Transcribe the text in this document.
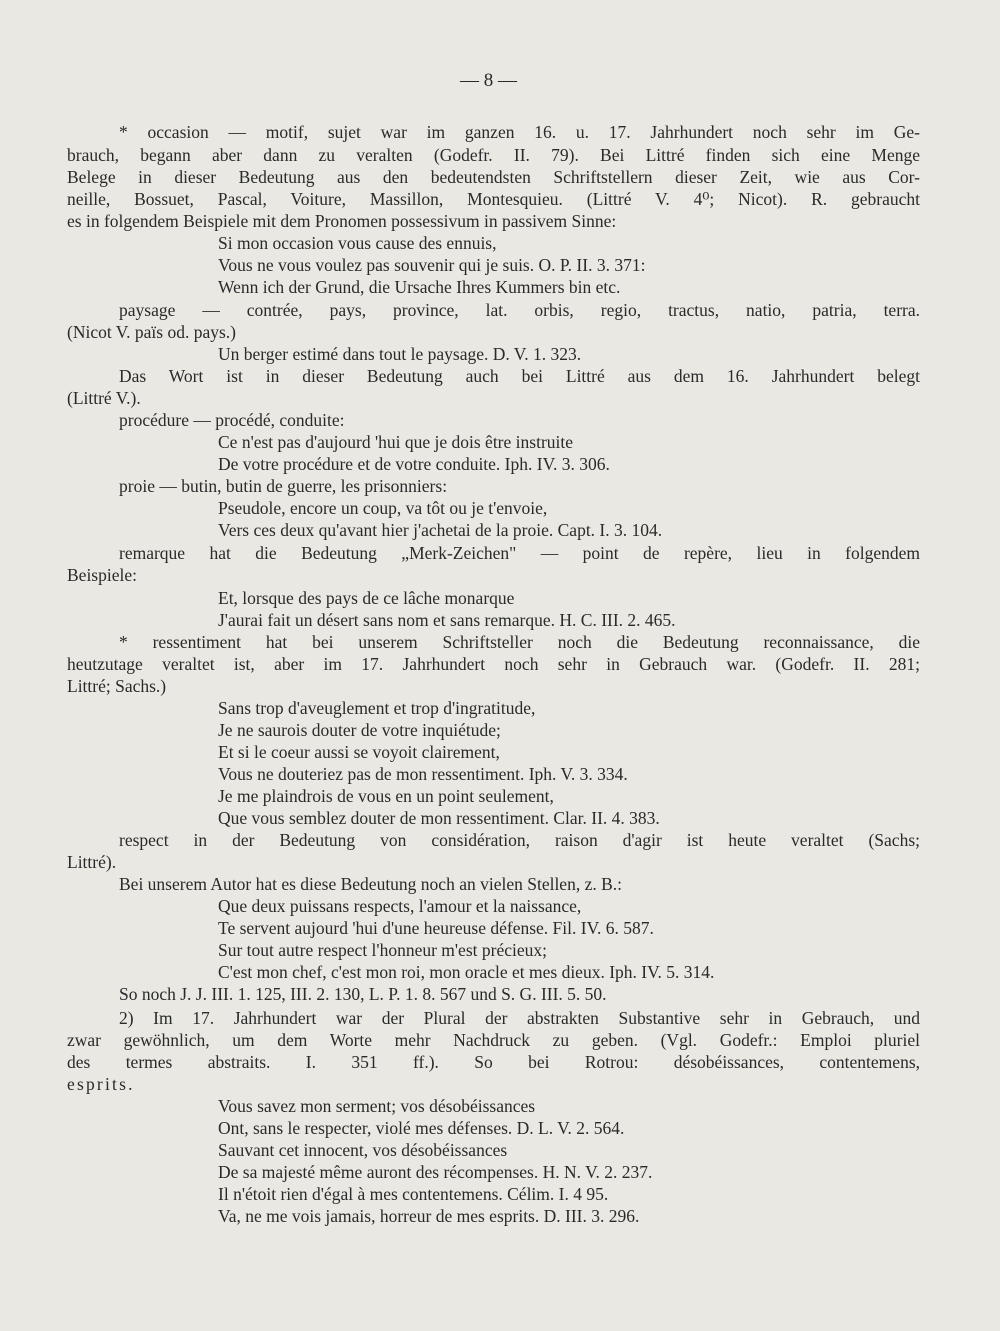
— 8 —
* occasion — motif, sujet war im ganzen 16. u. 17. Jahrhundert noch sehr im Ge-
brauch, begann aber dann zu veralten (Godefr. II. 79). Bei Littré finden sich eine Menge
Belege in dieser Bedeutung aus den bedeutendsten Schriftstellern dieser Zeit, wie aus Cor-
neille, Bossuet, Pascal, Voiture, Massillon, Montesquieu. (Littré V. 4⁰; Nicot). R. gebraucht
es in folgendem Beispiele mit dem Pronomen possessivum in passivem Sinne:
Si mon occasion vous cause des ennuis,
Vous ne vous voulez pas souvenir qui je suis. O. P. II. 3. 371:
Wenn ich der Grund, die Ursache Ihres Kummers bin etc.
paysage — contrée, pays, province, lat. orbis, regio, tractus, natio, patria, terra.
(Nicot V. païs od. pays.)
Un berger estimé dans tout le paysage. D. V. 1. 323.
Das Wort ist in dieser Bedeutung auch bei Littré aus dem 16. Jahrhundert belegt
(Littré V.).
procédure — procédé, conduite:
Ce n'est pas d'aujourd 'hui que je dois être instruite
De votre procédure et de votre conduite. Iph. IV. 3. 306.
proie — butin, butin de guerre, les prisonniers:
Pseudole, encore un coup, va tôt ou je t'envoie,
Vers ces deux qu'avant hier j'achetai de la proie. Capt. I. 3. 104.
remarque hat die Bedeutung „Merk-Zeichen" — point de repère, lieu in folgendem
Beispiele:
Et, lorsque des pays de ce lâche monarque
J'aurai fait un désert sans nom et sans remarque. H. C. III. 2. 465.
* ressentiment hat bei unserem Schriftsteller noch die Bedeutung reconnaissance, die
heutzutage veraltet ist, aber im 17. Jahrhundert noch sehr in Gebrauch war. (Godefr. II. 281;
Littré; Sachs.)
Sans trop d'aveuglement et trop d'ingratitude,
Je ne saurois douter de votre inquiétude;
Et si le coeur aussi se voyoit clairement,
Vous ne douteriez pas de mon ressentiment. Iph. V. 3. 334.
Je me plaindrois de vous en un point seulement,
Que vous semblez douter de mon ressentiment. Clar. II. 4. 383.
respect in der Bedeutung von considération, raison d'agir ist heute veraltet (Sachs;
Littré).
Bei unserem Autor hat es diese Bedeutung noch an vielen Stellen, z. B.:
Que deux puissans respects, l'amour et la naissance,
Te servent aujourd 'hui d'une heureuse défense. Fil. IV. 6. 587.
Sur tout autre respect l'honneur m'est précieux;
C'est mon chef, c'est mon roi, mon oracle et mes dieux. Iph. IV. 5. 314.
So noch J. J. III. 1. 125, III. 2. 130, L. P. 1. 8. 567 und S. G. III. 5. 50.
2) Im 17. Jahrhundert war der Plural der abstrakten Substantive sehr in Gebrauch, und
zwar gewöhnlich, um dem Worte mehr Nachdruck zu geben. (Vgl. Godefr.: Emploi pluriel
des termes abstraits. I. 351 ff.). So bei Rotrou: désobéissances, contentemens,
esprits.
Vous savez mon serment; vos désobéissances
Ont, sans le respecter, violé mes défenses. D. L. V. 2. 564.
Sauvant cet innocent, vos désobéissances
De sa majesté même auront des récompenses. H. N. V. 2. 237.
Il n'étoit rien d'égal à mes contentemens. Célim. I. 4 95.
Va, ne me vois jamais, horreur de mes esprits. D. III. 3. 296.
